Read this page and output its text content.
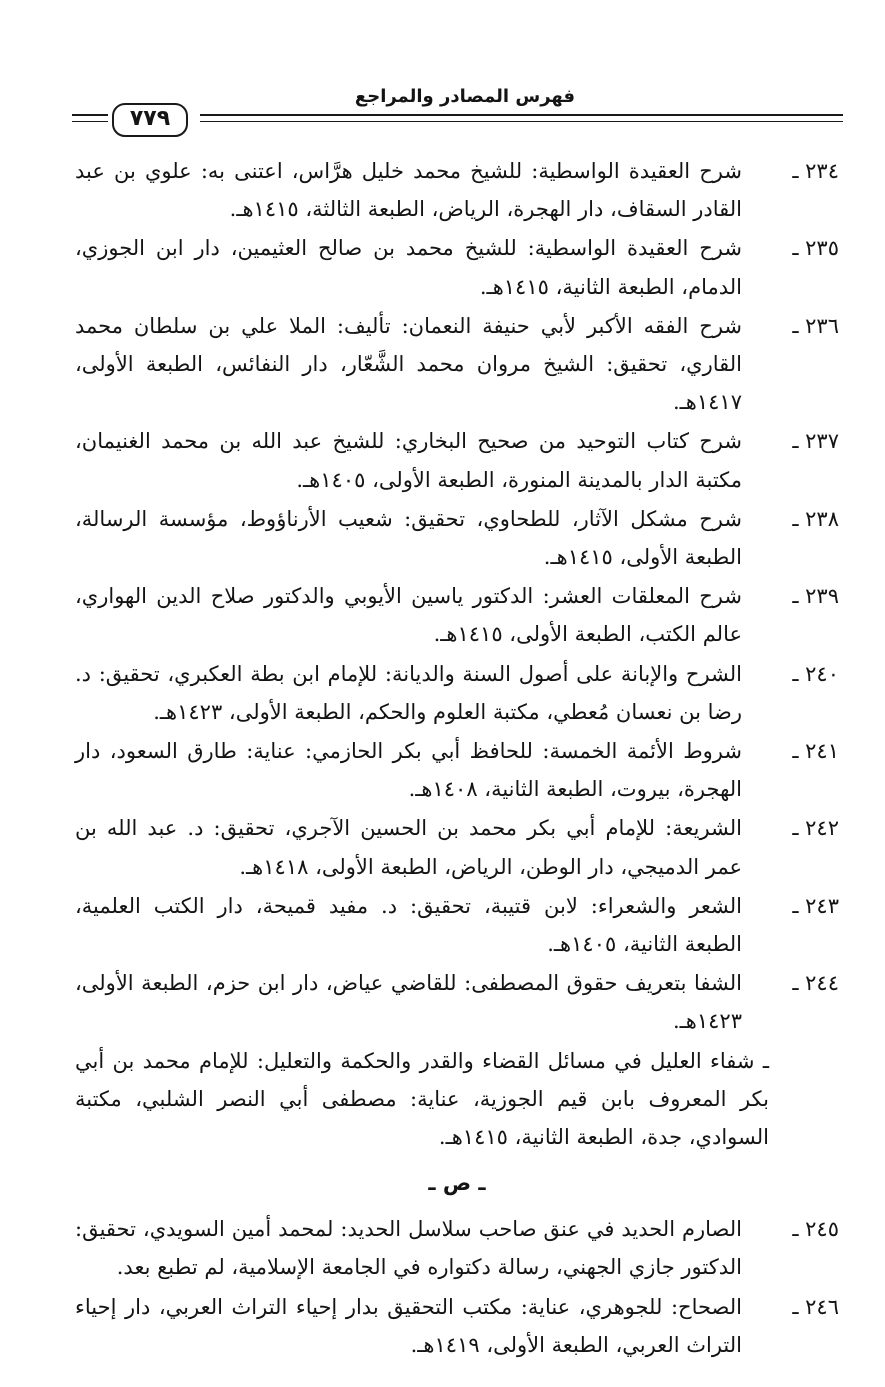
فهرس المصادر والمراجع
٧٧٩
٢٣٤ ـ
شرح العقيدة الواسطية: للشيخ محمد خليل هرَّاس، اعتنى به: علوي بن عبد القادر السقاف، دار الهجرة، الرياض، الطبعة الثالثة، ١٤١٥هـ.
٢٣٥ ـ
شرح العقيدة الواسطية: للشيخ محمد بن صالح العثيمين، دار ابن الجوزي، الدمام، الطبعة الثانية، ١٤١٥هـ.
٢٣٦ ـ
شرح الفقه الأكبر لأبي حنيفة النعمان: تأليف: الملا علي بن سلطان محمد القاري، تحقيق: الشيخ مروان محمد الشَّعّار، دار النفائس، الطبعة الأولى، ١٤١٧هـ.
٢٣٧ ـ
شرح كتاب التوحيد من صحيح البخاري: للشيخ عبد الله بن محمد الغنيمان، مكتبة الدار بالمدينة المنورة، الطبعة الأولى، ١٤٠٥هـ.
٢٣٨ ـ
شرح مشكل الآثار، للطحاوي، تحقيق: شعيب الأرناؤوط، مؤسسة الرسالة، الطبعة الأولى، ١٤١٥هـ.
٢٣٩ ـ
شرح المعلقات العشر: الدكتور ياسين الأيوبي والدكتور صلاح الدين الهواري، عالم الكتب، الطبعة الأولى، ١٤١٥هـ.
٢٤٠ ـ
الشرح والإبانة على أصول السنة والديانة: للإمام ابن بطة العكبري، تحقيق: د. رضا بن نعسان مُعطي، مكتبة العلوم والحكم، الطبعة الأولى، ١٤٢٣هـ.
٢٤١ ـ
شروط الأئمة الخمسة: للحافظ أبي بكر الحازمي: عناية: طارق السعود، دار الهجرة، بيروت، الطبعة الثانية، ١٤٠٨هـ.
٢٤٢ ـ
الشريعة: للإمام أبي بكر محمد بن الحسين الآجري، تحقيق: د. عبد الله بن عمر الدميجي، دار الوطن، الرياض، الطبعة الأولى، ١٤١٨هـ.
٢٤٣ ـ
الشعر والشعراء: لابن قتيبة، تحقيق: د. مفيد قميحة، دار الكتب العلمية، الطبعة الثانية، ١٤٠٥هـ.
٢٤٤ ـ
الشفا بتعريف حقوق المصطفى: للقاضي عياض، دار ابن حزم، الطبعة الأولى، ١٤٢٣هـ.
ـ شفاء العليل في مسائل القضاء والقدر والحكمة والتعليل: للإمام محمد بن أبي بكر المعروف بابن قيم الجوزية، عناية: مصطفى أبي النصر الشلبي، مكتبة السوادي، جدة، الطبعة الثانية، ١٤١٥هـ.
ـ ص ـ
٢٤٥ ـ
الصارم الحديد في عنق صاحب سلاسل الحديد: لمحمد أمين السويدي، تحقيق: الدكتور جازي الجهني، رسالة دكتواره في الجامعة الإسلامية، لم تطبع بعد.
٢٤٦ ـ
الصحاح: للجوهري، عناية: مكتب التحقيق بدار إحياء التراث العربي، دار إحياء التراث العربي، الطبعة الأولى، ١٤١٩هـ.
